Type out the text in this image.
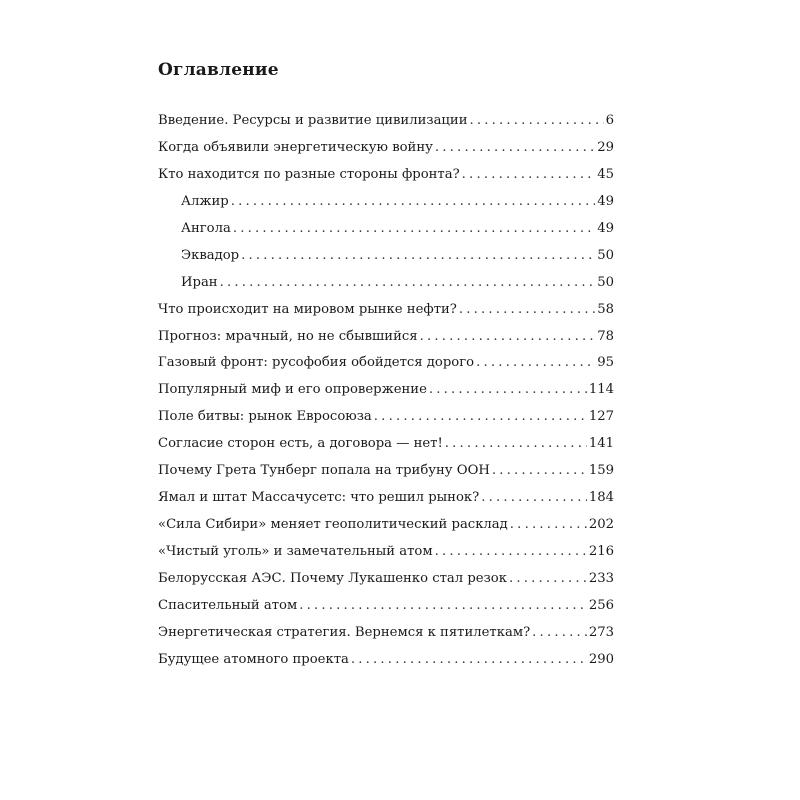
Оглавление
Введение. Ресурсы и развитие цивилизации . . .	6
Когда объявили энергетическую войну . . .	29
Кто находится по разные стороны фронта? . . .	45
Алжир . . .	49
Ангола . . .	49
Эквадор . . .	50
Иран . . .	50
Что происходит на мировом рынке нефти? . . .	58
Прогноз: мрачный, но не сбывшийся . . .	78
Газовый фронт: русофобия обойдется дорого . . .	95
Популярный миф и его опровержение . . .	114
Поле битвы: рынок Евросоюза . . .	127
Согласие сторон есть, а договора — нет! . . .	141
Почему Грета Тунберг попала на трибуну ООН . . .	159
Ямал и штат Массачусетс: что решил рынок? . . .	184
«Сила Сибири» меняет геополитический расклад . . .	202
«Чистый уголь» и замечательный атом . . .	216
Белорусская АЭС. Почему Лукашенко стал резок . . .	233
Спасительный атом . . .	256
Энергетическая стратегия. Вернемся к пятилеткам? . . .	273
Будущее атомного проекта . . .	290
